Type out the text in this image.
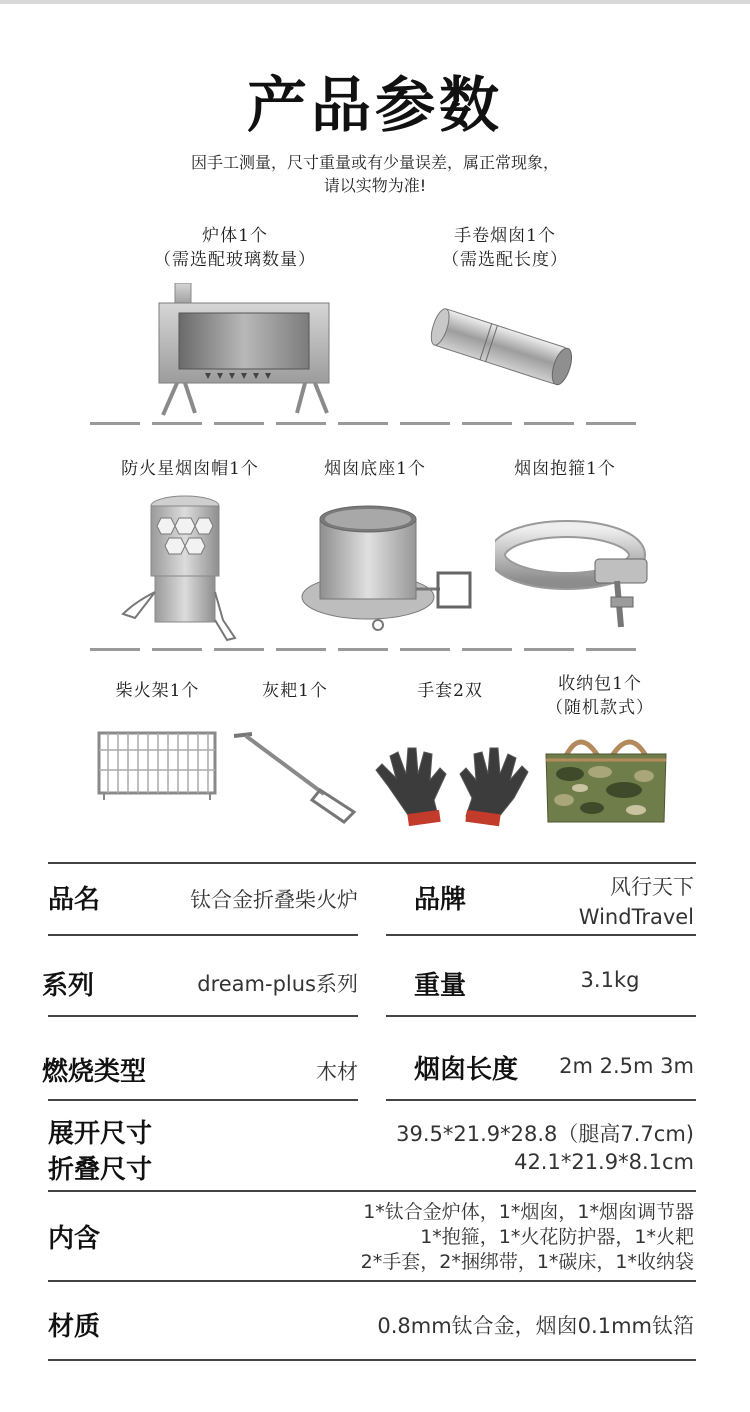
产品参数
因手工测量，尺寸重量或有少量误差，属正常现象，
请以实物为准!
炉体1个
（需选配玻璃数量）
手卷烟囱1个
（需选配长度）
防火星烟囱帽1个	烟囱底座1个	烟囱抱箍1个
柴火架1个	灰耙1个	手套2双	收纳包1个
（随机款式）
品名	钛合金折叠柴火炉 品牌	风行天下
WindTravel
系列	dream-plus系列 重量	3.1kg
燃烧类型	木材 烟囱长度 2m 2.5m 3m
展开尺寸	39.5*21.9*28.8（腿高7.7cm)
折叠尺寸	42.1*21.9*8.1cm
内含
1*钛合金炉体，1*烟囱，1*烟囱调节器
1*抱箍，1*火花防护器，1*火耙
2*手套，2*捆绑带，1*碳床，1*收纳袋
材质	0.8mm钛合金，烟囱0.1mm钛箔
